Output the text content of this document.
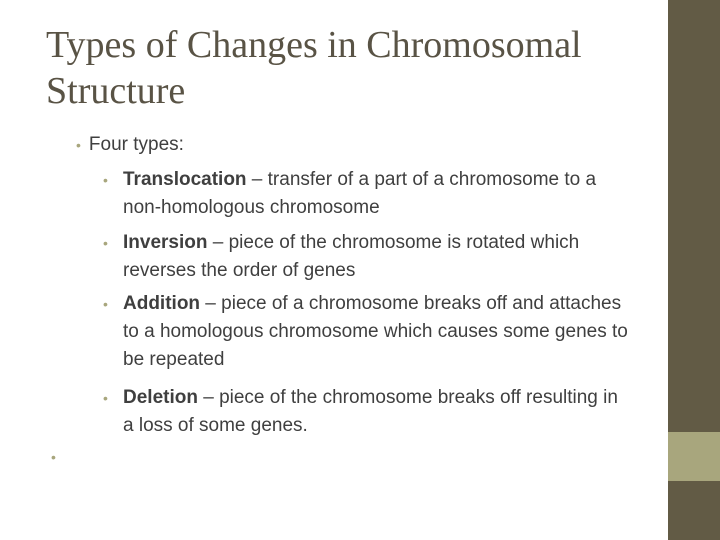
Types of Changes in Chromosomal Structure
• Four types:
• Translocation – transfer of a part of a chromosome to a non-homologous chromosome
• Inversion – piece of the chromosome is rotated which reverses the order of genes
• Addition – piece of a chromosome breaks off and attaches to a homologous chromosome which causes some genes to be repeated
• Deletion – piece of the chromosome breaks off resulting in a loss of some genes.
•
